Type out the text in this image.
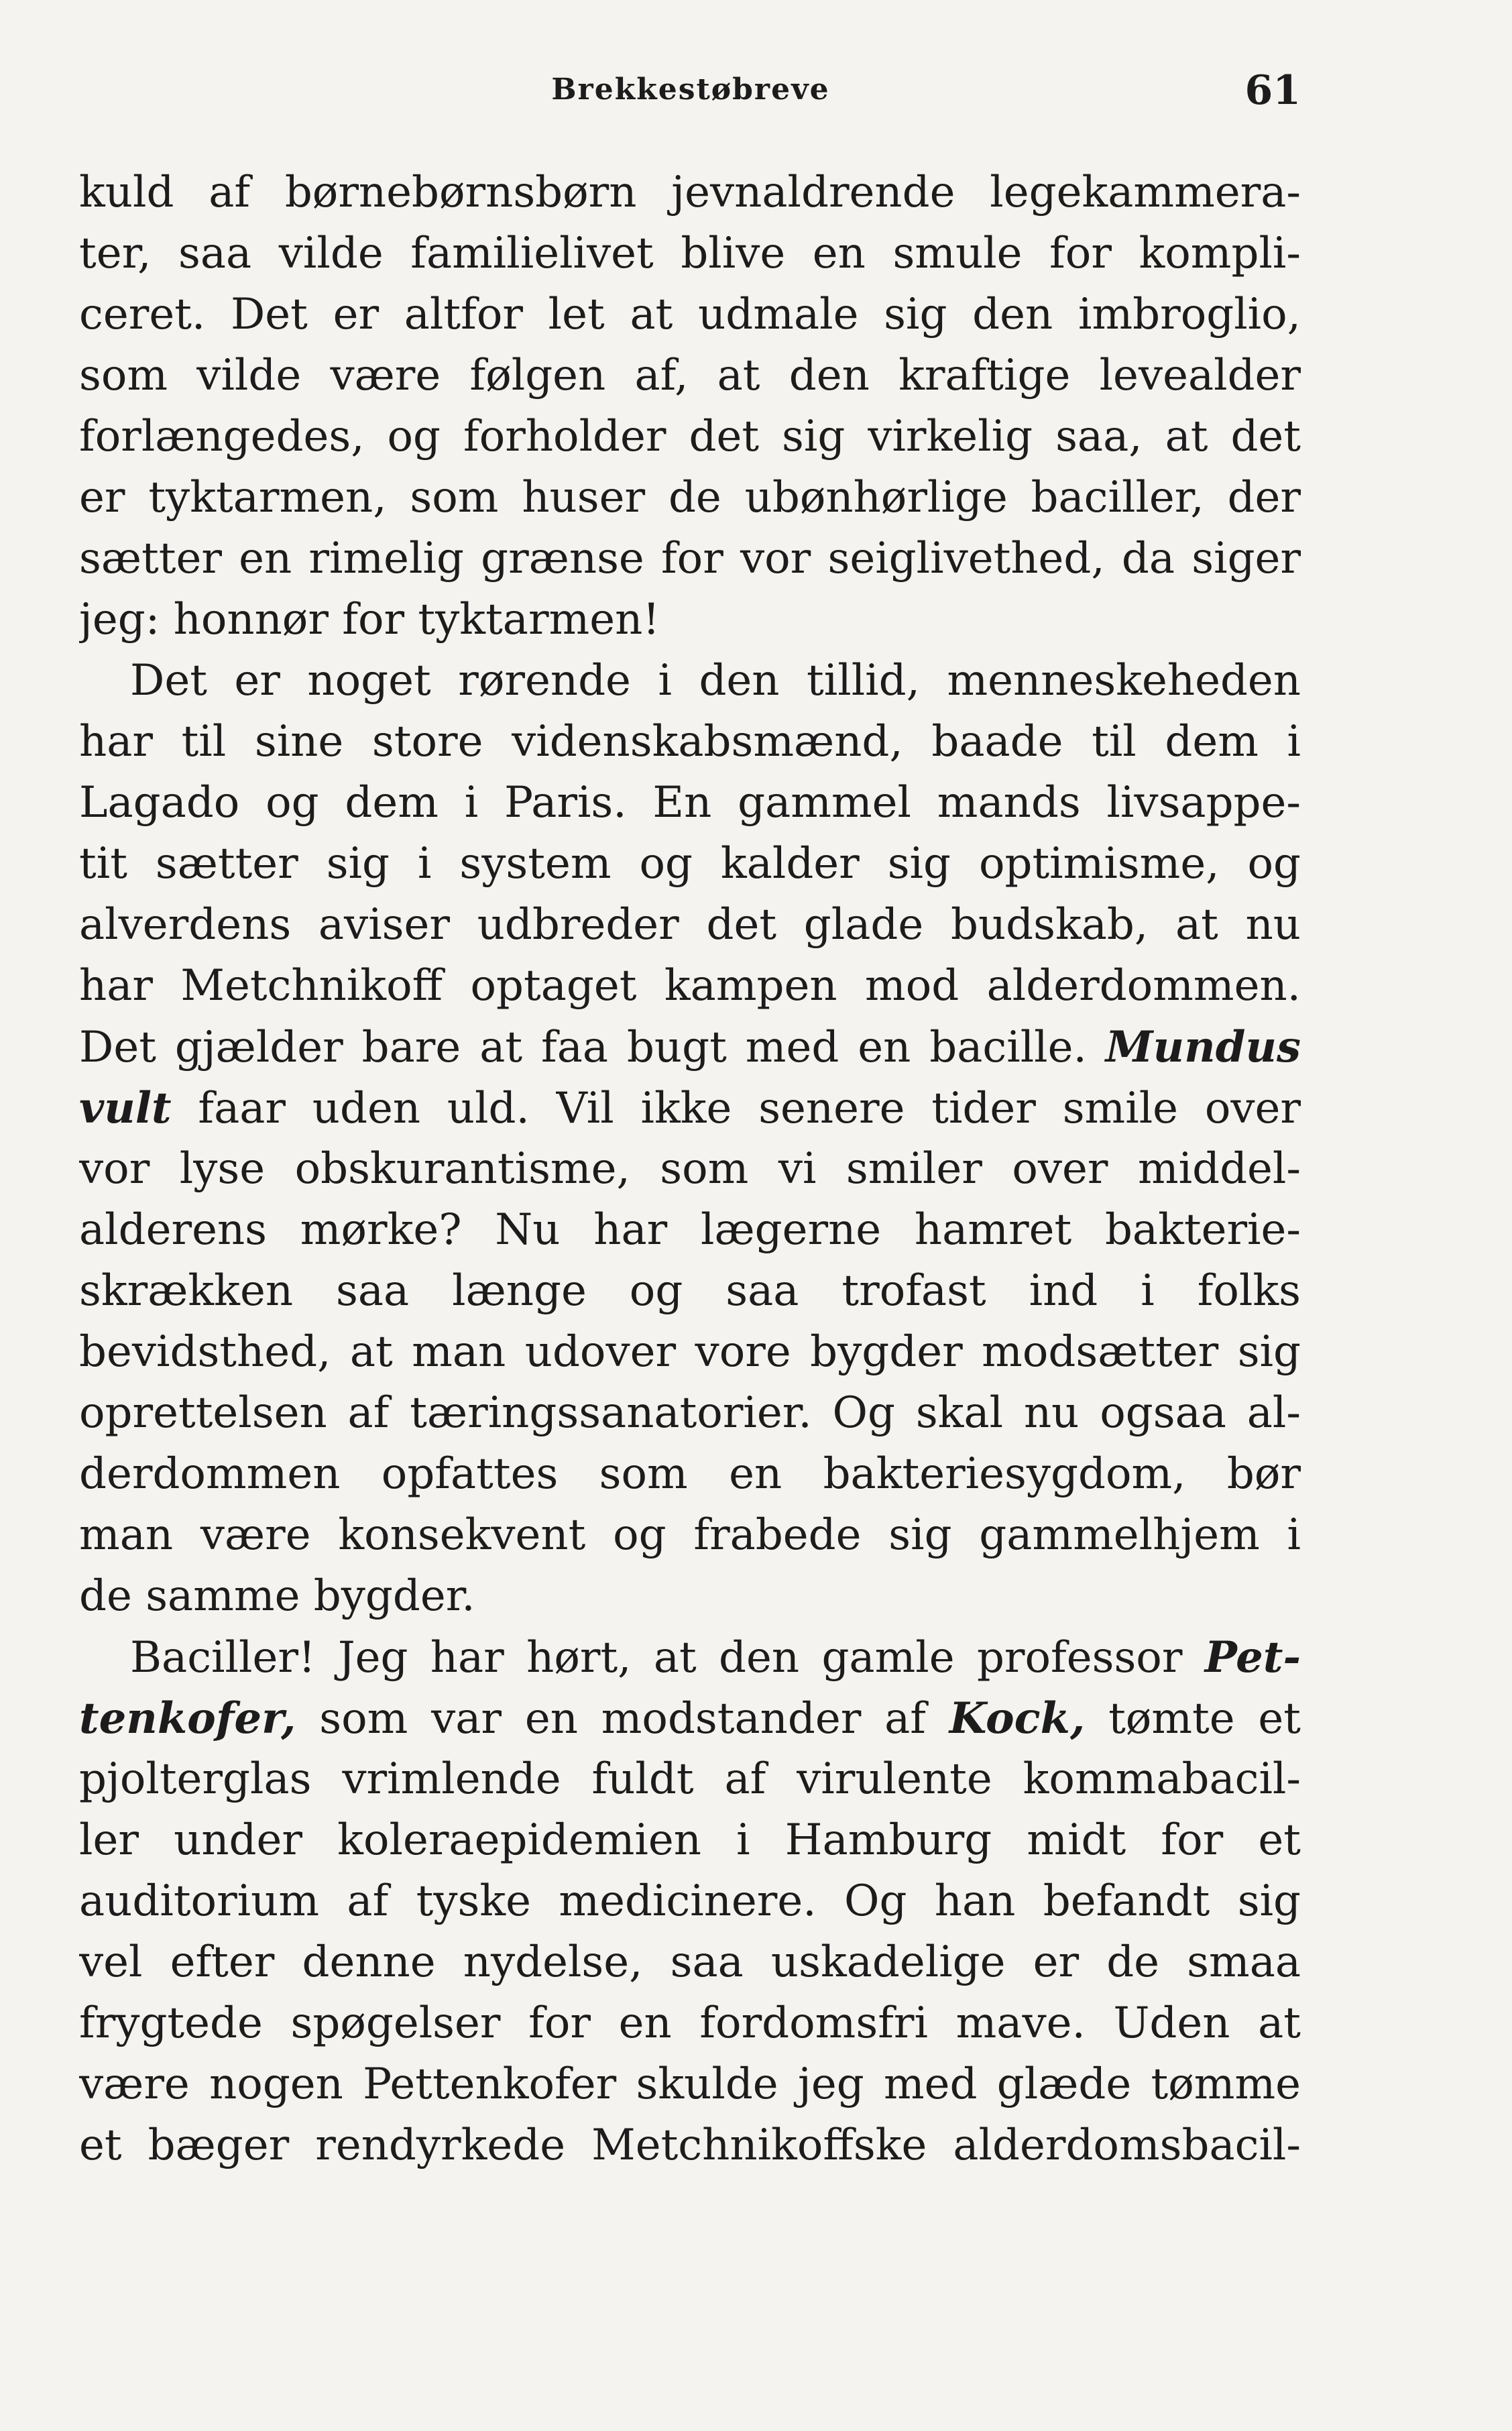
Brekkestøbreve	61
kuld af børnebørnsbørn jevnaldrende legekammera-
ter, saa vilde familielivet blive en smule for kompli-
ceret. Det er altfor let at udmale sig den imbroglio,
som vilde være følgen af, at den kraftige levealder
forlængedes, og forholder det sig virkelig saa, at det
er tyktarmen, som huser de ubønhørlige baciller, der
sætter en rimelig grænse for vor seiglivethed, da siger
jeg: honnør for tyktarmen!
Det er noget rørende i den tillid, menneskeheden
har til sine store videnskabsmænd, baade til dem i
Lagado og dem i Paris. En gammel mands livsappe-
tit sætter sig i system og kalder sig optimisme, og
alverdens aviser udbreder det glade budskab, at nu
har Metchnikoff optaget kampen mod alderdommen.
Det gjælder bare at faa bugt med en bacille. Mundus
vult faar uden uld. Vil ikke senere tider smile over
vor lyse obskurantisme, som vi smiler over middel-
alderens mørke? Nu har lægerne hamret bakterie-
skrækken saa længe og saa trofast ind i folks
bevidsthed, at man udover vore bygder modsætter sig
oprettelsen af tæringssanatorier. Og skal nu ogsaa al-
derdommen opfattes som en bakteriesygdom, bør
man være konsekvent og frabede sig gammelhjem i
de samme bygder.
Baciller! Jeg har hørt, at den gamle professor Pet-
tenkofer, som var en modstander af Kock, tømte et
pjolterglas vrimlende fuldt af virulente kommabacil-
ler under koleraepidemien i Hamburg midt for et
auditorium af tyske medicinere. Og han befandt sig
vel efter denne nydelse, saa uskadelige er de smaa
frygtede spøgelser for en fordomsfri mave. Uden at
være nogen Pettenkofer skulde jeg med glæde tømme
et bæger rendyrkede Metchnikoffske alderdomsbacil-
